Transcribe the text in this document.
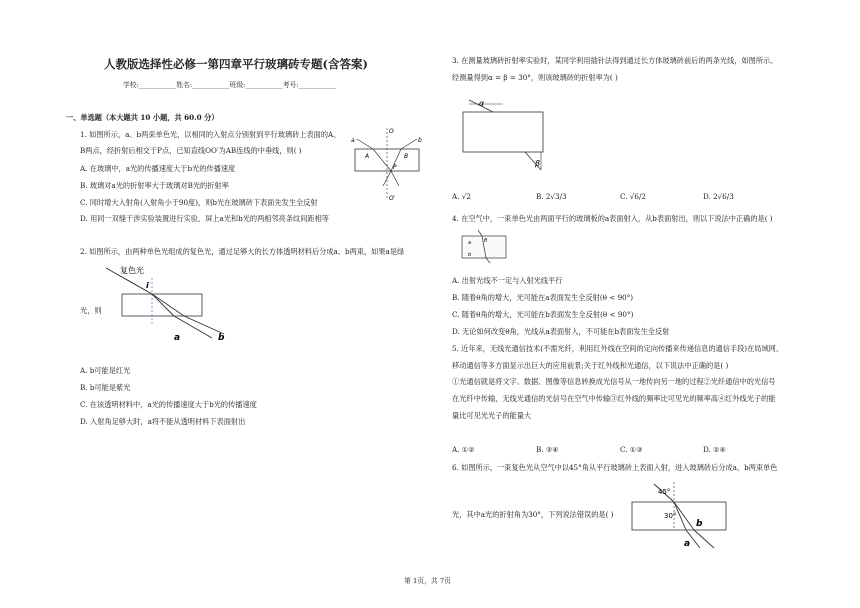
人教版选择性必修一第四章平行玻璃砖专题(含答案)
学校:___________姓名:___________班级:___________考号:___________
一、单选题（本大题共 10 小题，共 60.0 分）
1. 如图所示，a、b两束单色光，以相同的入射点分别射到平行玻璃砖上表面的A、
B两点，经折射后相交于P点，已知直线OO′为AB连线的中垂线，则( )
A. 在玻璃中，a光的传播速度大于b光的传播速度
B. 玻璃对a光的折射率大于玻璃对B光的折射率
C. 同时增大入射角(入射角小于90度)，则b光在玻璃砖下表面先发生全反射
D. 用同一双缝干涉实验装置进行实验，屏上a光和b光的两相邻亮条纹间距相等
O
O′
a	b
A	B
P
2. 如图所示，由两种单色光组成的复色光，通过足够大的长方体透明材料后分成a、b两束，如果a是绿
复色光
i
a	b
光，则
A. b可能是红光
B. b可能是紫光
C. 在该透明材料中，a光的传播速度大于b光的传播速度
D. 入射角足够大时，a将不能从透明材料下表面射出
3. 在测量玻璃砖折射率实验时，某同学利用插针法得到通过长方体玻璃砖前后的两条光线，如图所示。
经测量得到α = β = 30°，则该玻璃砖的折射率为( )
α
β
A. √2	B. 2√3/3	C. √6/2	D. 2√6/3
4. 在空气中，一束单色光由两面平行的玻璃板的a表面射入，从b表面射出，则以下说法中正确的是( )
a
b
θ
A. 出射光线不一定与入射光线平行
B. 随着θ角的增大，光可能在a表面发生全反射(θ < 90°)
C. 随着θ角的增大，光可能在b表面发生全反射(θ < 90°)
D. 无论如何改变θ角，光线从a表面射入，不可能在b表面发生全反射
5. 近年来，无线光通信技术(不需光纤，利用红外线在空间的定向传播来传递信息的通信手段)在局域网、
移动通信等多方面显示出巨大的应用前景;关于红外线和光通信，以下说法中正确的是( )
①光通信就是将文字、数据、图像等信息转换成光信号从一地传向另一地的过程②光纤通信中的光信号
在光纤中传输，无线光通信的光信号在空气中传输③红外线的频率比可见光的频率高④红外线光子的能
量比可见光光子的能量大
A. ①②	B. ③④	C. ①③	D. ②④
6. 如图所示，一束复色光从空气中以45°角从平行玻璃砖上表面入射，进入玻璃砖后分成a、b两束单色
光，其中a光的折射角为30°，下列说法错误的是( )
45°
30°
a
b
第 1页，共 7页
